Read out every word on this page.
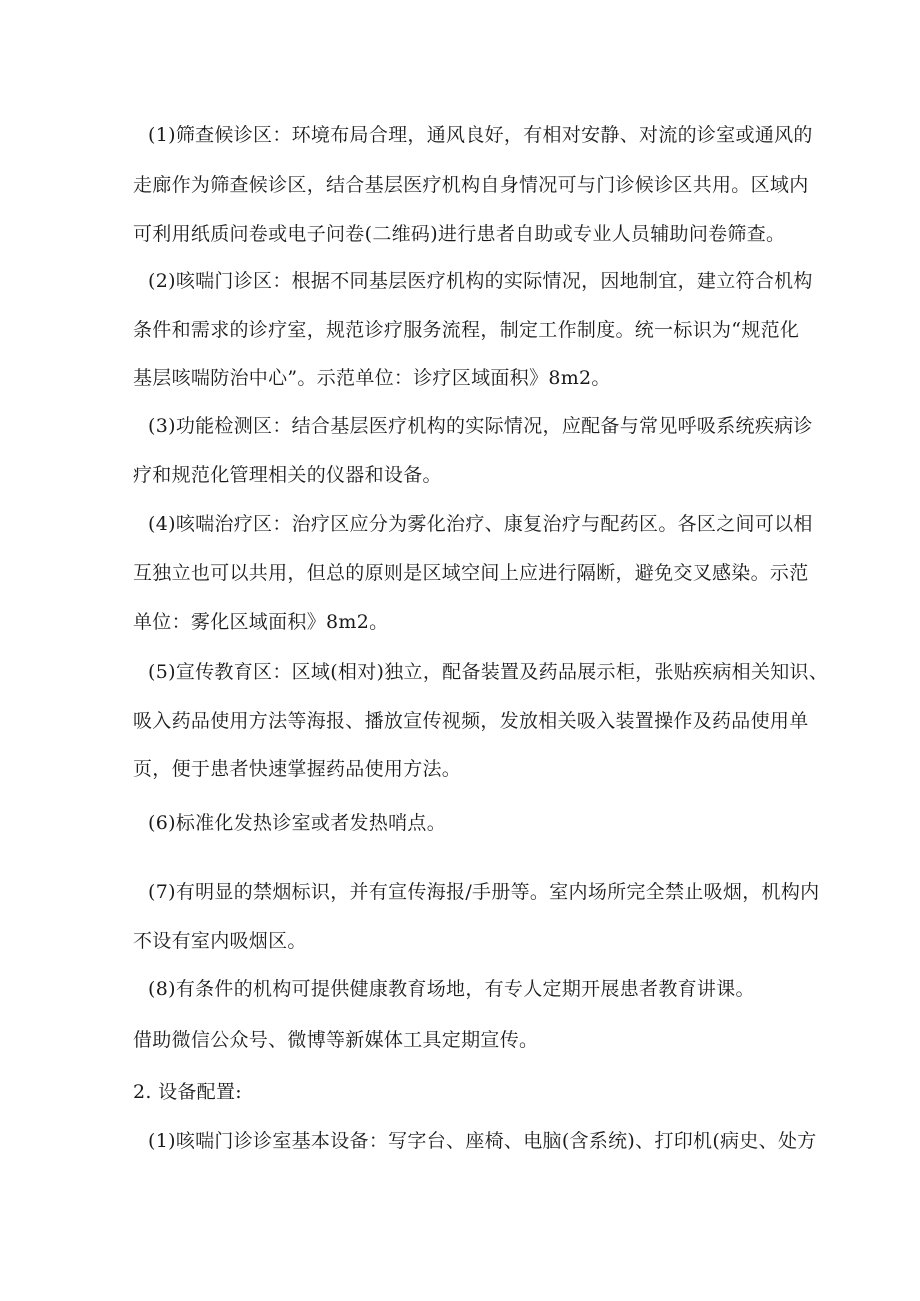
(1)筛查候诊区：环境布局合理，通风良好，有相对安静、对流的诊室或通风的
走廊作为筛查候诊区，结合基层医疗机构自身情况可与门诊候诊区共用。区域内
可利用纸质问卷或电子问卷(二维码)进行患者自助或专业人员辅助问卷筛查。
(2)咳喘门诊区：根据不同基层医疗机构的实际情况，因地制宜，建立符合机构
条件和需求的诊疗室，规范诊疗服务流程，制定工作制度。统一标识为“规范化
基层咳喘防治中心”。示范单位：诊疗区域面积》8m2。
(3)功能检测区：结合基层医疗机构的实际情况，应配备与常见呼吸系统疾病诊
疗和规范化管理相关的仪器和设备。
(4)咳喘治疗区：治疗区应分为雾化治疗、康复治疗与配药区。各区之间可以相
互独立也可以共用，但总的原则是区域空间上应进行隔断，避免交叉感染。示范
单位：雾化区域面积》8m2。
(5)宣传教育区：区域(相对)独立，配备装置及药品展示柜，张贴疾病相关知识、
吸入药品使用方法等海报、播放宣传视频，发放相关吸入装置操作及药品使用单
页，便于患者快速掌握药品使用方法。
(6)标准化发热诊室或者发热哨点。
(7)有明显的禁烟标识，并有宣传海报/手册等。室内场所完全禁止吸烟，机构内
不设有室内吸烟区。
(8)有条件的机构可提供健康教育场地，有专人定期开展患者教育讲课。
借助微信公众号、微博等新媒体工具定期宣传。
2. 设备配置:
(1)咳喘门诊诊室基本设备：写字台、座椅、电脑(含系统)、打印机(病史、处方
